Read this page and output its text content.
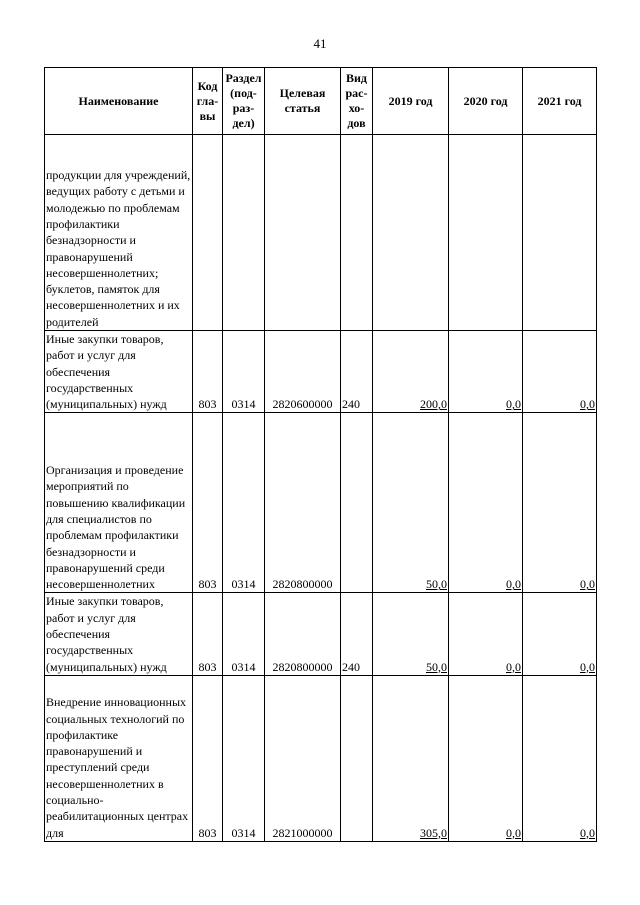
41
Наименование	Код гла-вы	Раздел (под-раз-дел)	Целевая статья	Вид рас-хо-дов	2019 год	2020 год	2021 год
продукции для учреждений, ведущих работу с детьми и молодежью по проблемам профилактики безнадзорности и правонарушений несовершеннолетних; буклетов, памяток для несовершеннолетних и их родителей							
Иные закупки товаров, работ и услуг для обеспечения государственных (муниципальных) нужд	803	0314	2820600000	240	200,0	0,0	0,0
Организация и проведение мероприятий по повышению квалификации для специалистов по проблемам профилактики безнадзорности и правонарушений среди несовершеннолетних	803	0314	2820800000		50,0	0,0	0,0
Иные закупки товаров, работ и услуг для обеспечения государственных (муниципальных) нужд	803	0314	2820800000	240	50,0	0,0	0,0
Внедрение инновационных социальных технологий по профилактике правонарушений и преступлений среди несовершеннолетних в социально-реабилитационных центрах для	803	0314	2821000000		305,0	0,0	0,0
